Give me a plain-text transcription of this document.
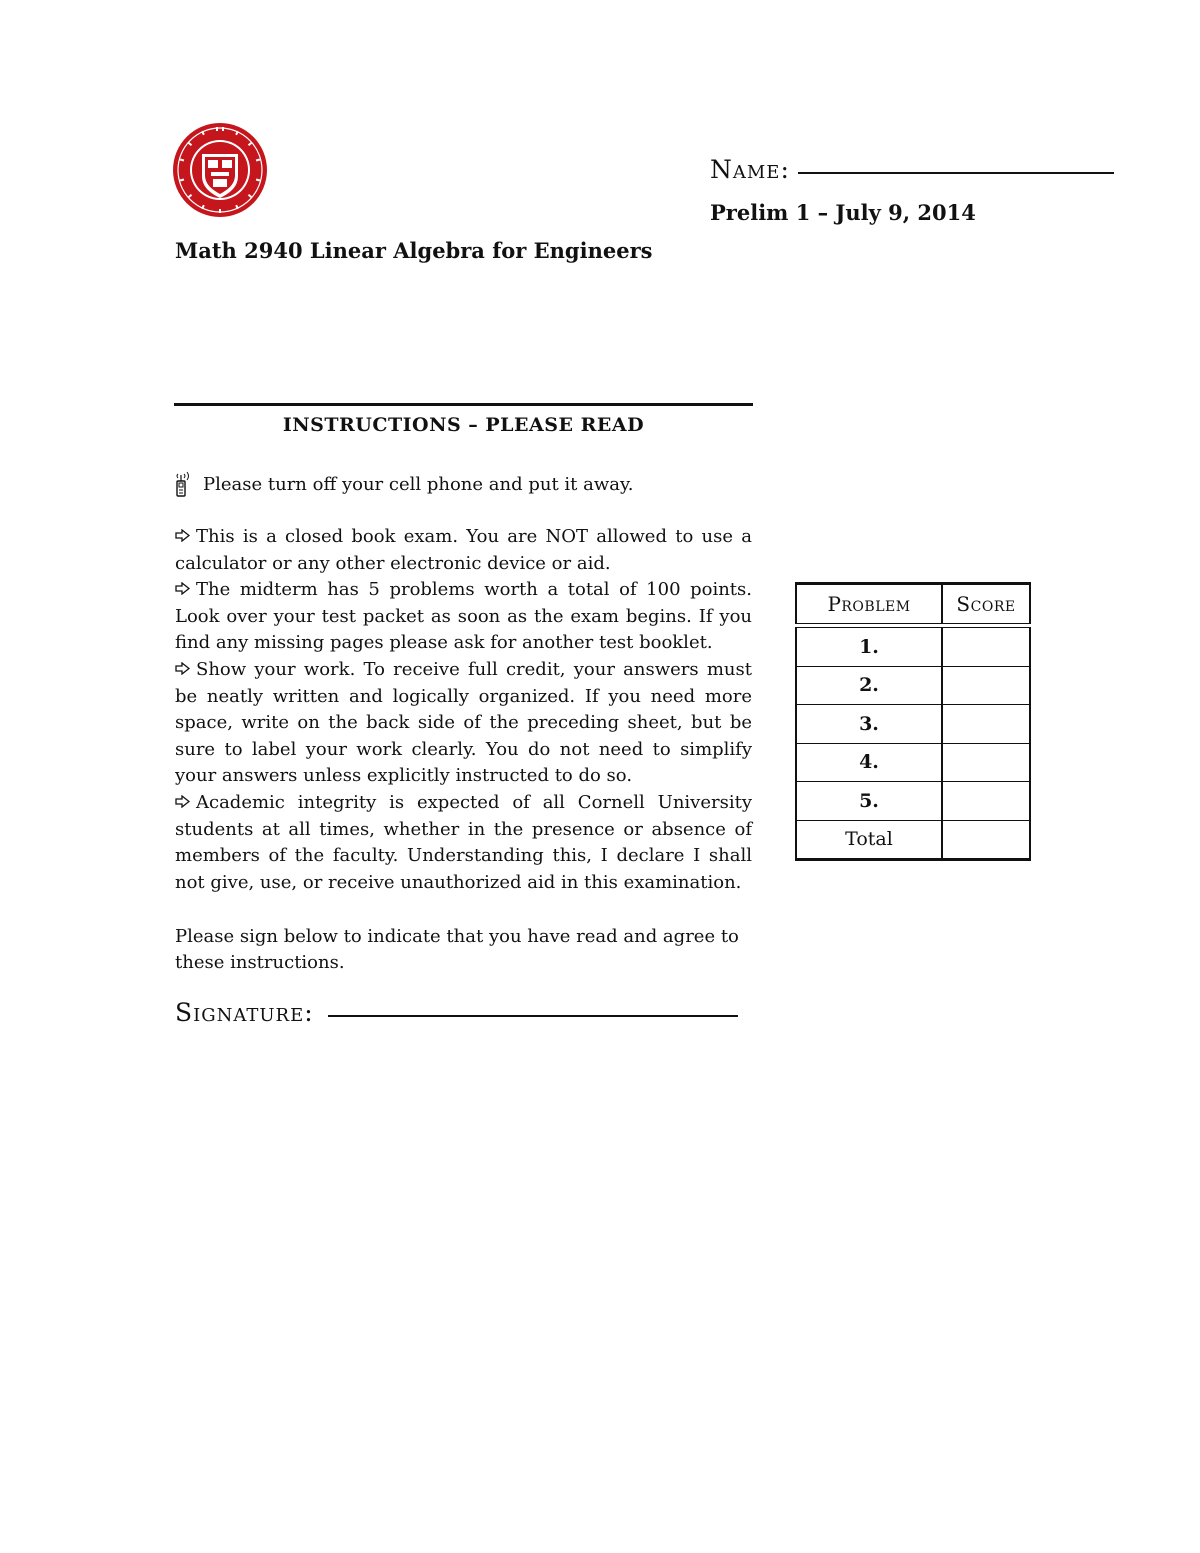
Name:
Prelim 1 – July 9, 2014
Math 2940 Linear Algebra for Engineers
INSTRUCTIONS – PLEASE READ
Please turn off your cell phone and put it away.

This is a closed book exam. You are NOT allowed to use a calculator or any other electronic device or aid.

The midterm has 5 problems worth a total of 100 points. Look over your test packet as soon as the exam begins. If you find any missing pages please ask for another test booklet.

Show your work. To receive full credit, your answers must be neatly written and logically organized. If you need more space, write on the back side of the preceding sheet, but be sure to label your work clearly. You do not need to simplify your answers unless explicitly instructed to do so.

Academic integrity is expected of all Cornell University students at all times, whether in the presence or absence of members of the faculty. Understanding this, I declare I shall not give, use, or receive unauthorized aid in this examination.

Please sign below to indicate that you have read and agree to these instructions.
Signature:
Problem	Score
1.
2.
3.
4.
5.
Total
